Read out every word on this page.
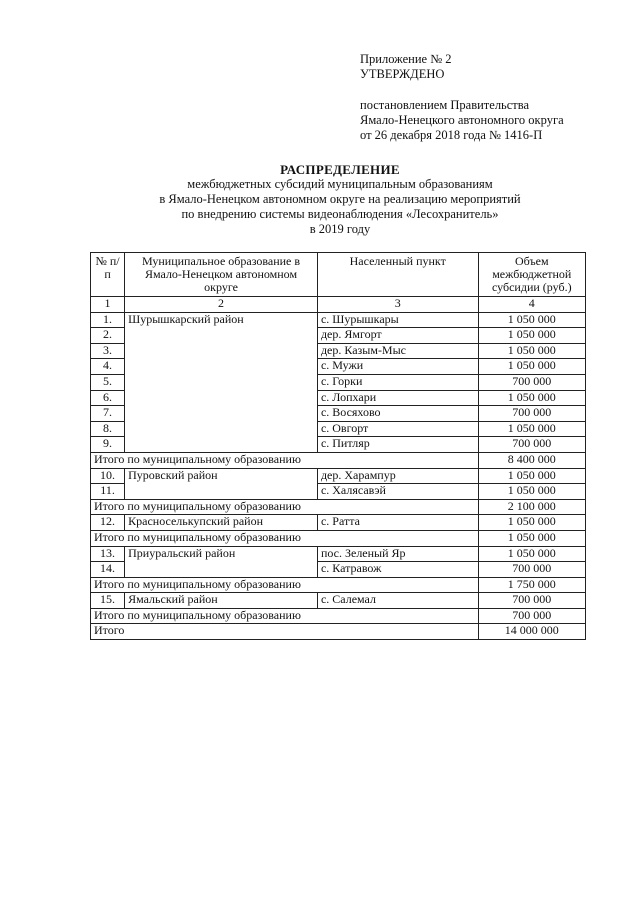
Приложение № 2
УТВЕРЖДЕНО
постановлением Правительства
Ямало-Ненецкого автономного округа
от 26 декабря 2018 года № 1416-П
РАСПРЕДЕЛЕНИЕ
межбюджетных субсидий муниципальным образованиям
в Ямало-Ненецком автономном округе на реализацию мероприятий
по внедрению системы видеонаблюдения «Лесохранитель»
в 2019 году
№ п/п	Муниципальное образование в Ямало-Ненецком автономном округе	Населенный пункт	Объем межбюджетной субсидии (руб.)
1	2	3	4
1.	Шурышкарский район	с. Шурышкары	1 050 000
2.		дер. Ямгорт	1 050 000
3.		дер. Казым-Мыс	1 050 000
4.		с. Мужи	1 050 000
5.		с. Горки	700 000
6.		с. Лопхари	1 050 000
7.		с. Восяхово	700 000
8.		с. Овгорт	1 050 000
9.		с. Питляр	700 000
Итого по муниципальному образованию			8 400 000
10.	Пуровский район	дер. Харампур	1 050 000
11.		с. Халясавэй	1 050 000
Итого по муниципальному образованию			2 100 000
12.	Красноселькупский район	с. Ратта	1 050 000
Итого по муниципальному образованию			1 050 000
13.	Приуральский район	пос. Зеленый Яр	1 050 000
14.		с. Катравож	700 000
Итого по муниципальному образованию			1 750 000
15.	Ямальский район	с. Салемал	700 000
Итого по муниципальному образованию			700 000
Итого			14 000 000
